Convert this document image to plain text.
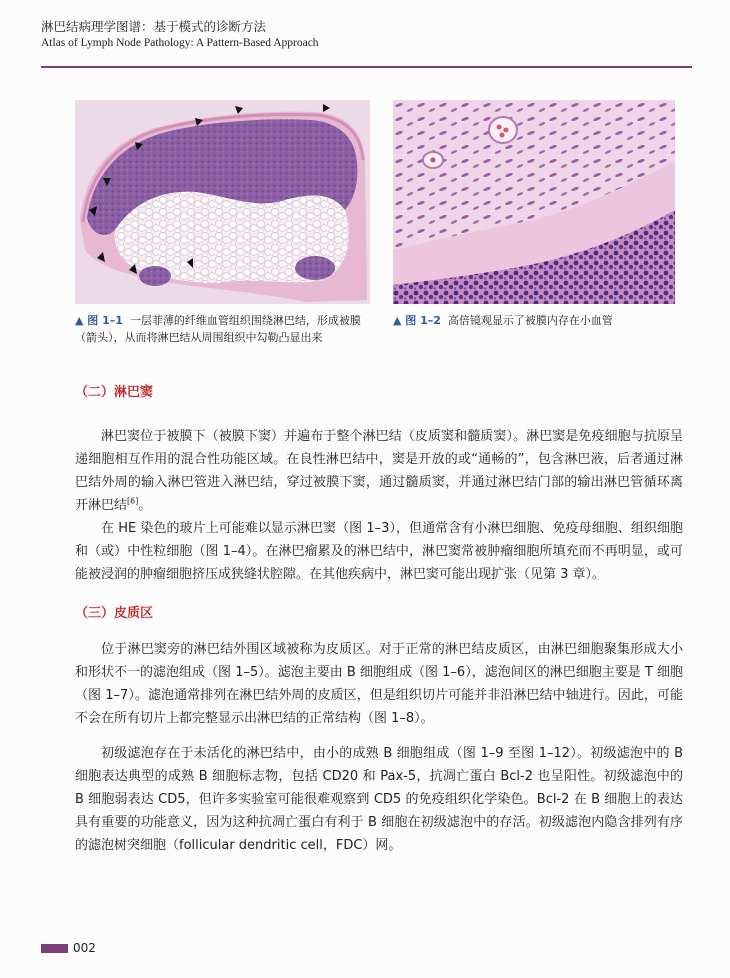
淋巴结病理学图谱：基于模式的诊断方法
Atlas of Lymph Node Pathology: A Pattern-Based Approach
▲ 图 1–1 一层菲薄的纤维血管组织围绕淋巴结，形成被膜（箭头），从而将淋巴结从周围组织中勾勒凸显出来
▲ 图 1–2 高倍镜观显示了被膜内存在小血管
（二）淋巴窦

淋巴窦位于被膜下（被膜下窦）并遍布于整个淋巴结（皮质窦和髓质窦）。淋巴窦是免疫细胞与抗原呈递细胞相互作用的混合性功能区域。在良性淋巴结中，窦是开放的或“通畅的”，包含淋巴液，后者通过淋巴结外周的输入淋巴管进入淋巴结，穿过被膜下窦，通过髓质窦，并通过淋巴结门部的输出淋巴管循环离开淋巴结[6]。

在 HE 染色的玻片上可能难以显示淋巴窦（图 1–3），但通常含有小淋巴细胞、免疫母细胞、组织细胞和（或）中性粒细胞（图 1–4）。在淋巴瘤累及的淋巴结中，淋巴窦常被肿瘤细胞所填充而不再明显，或可能被浸润的肿瘤细胞挤压成狭缝状腔隙。在其他疾病中，淋巴窦可能出现扩张（见第 3 章）。

（三）皮质区

位于淋巴窦旁的淋巴结外围区域被称为皮质区。对于正常的淋巴结皮质区，由淋巴细胞聚集形成大小和形状不一的滤泡组成（图 1–5）。滤泡主要由 B 细胞组成（图 1–6），滤泡间区的淋巴细胞主要是 T 细胞（图 1–7）。滤泡通常排列在淋巴结外周的皮质区，但是组织切片可能并非沿淋巴结中轴进行。因此，可能不会在所有切片上都完整显示出淋巴结的正常结构（图 1–8）。

初级滤泡存在于未活化的淋巴结中，由小的成熟 B 细胞组成（图 1–9 至图 1–12）。初级滤泡中的 B 细胞表达典型的成熟 B 细胞标志物，包括 CD20 和 Pax-5，抗凋亡蛋白 Bcl-2 也呈阳性。初级滤泡中的 B 细胞弱表达 CD5，但许多实验室可能很难观察到 CD5 的免疫组织化学染色。Bcl-2 在 B 细胞上的表达具有重要的功能意义，因为这种抗凋亡蛋白有利于 B 细胞在初级滤泡中的存活。初级滤泡内隐含排列有序的滤泡树突细胞（follicular dendritic cell，FDC）网。

002
